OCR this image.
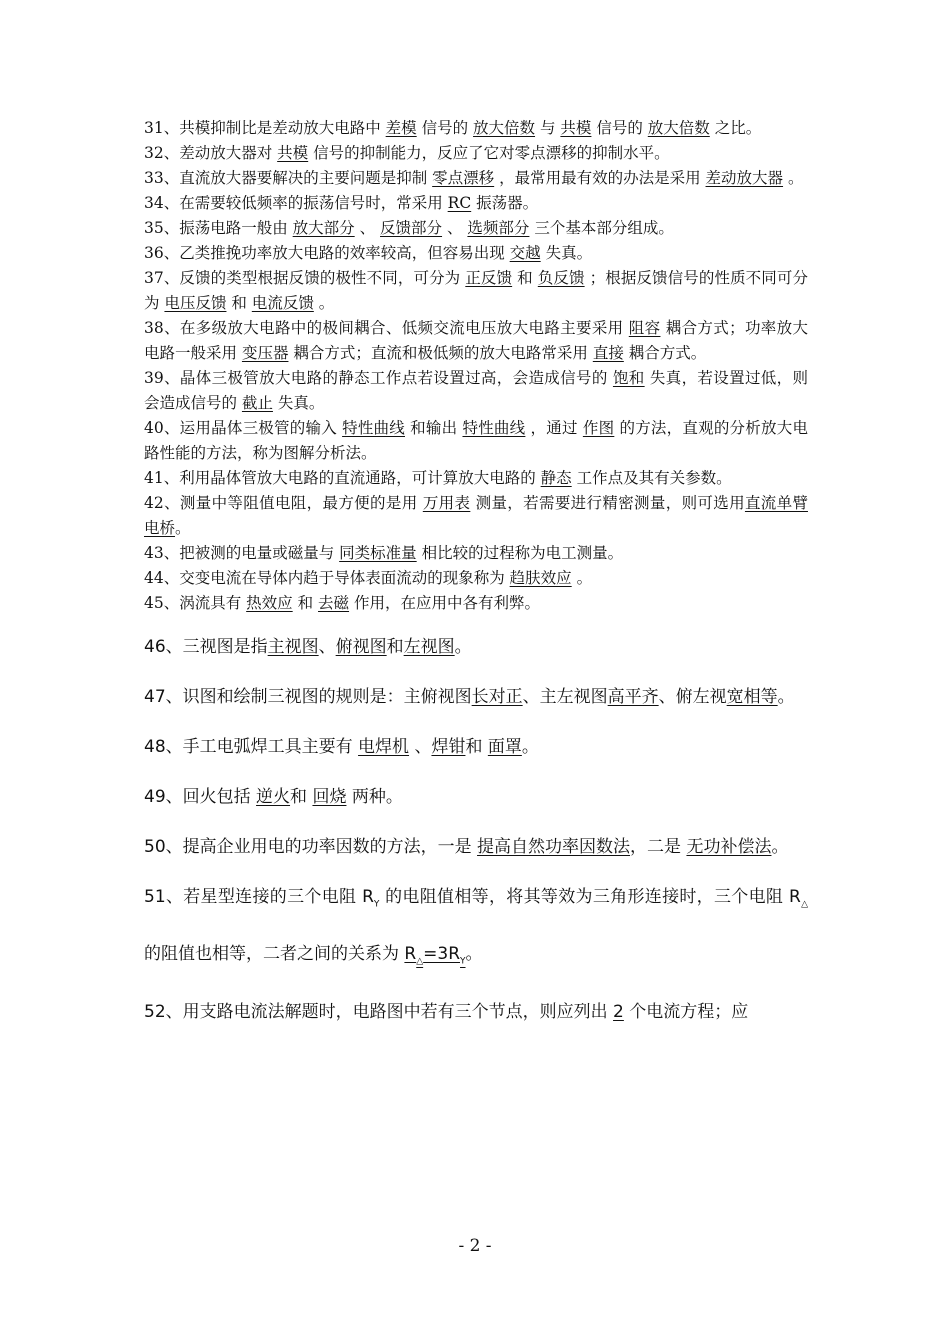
31、共模抑制比是差动放大电路中 差模 信号的 放大倍数 与 共模 信号的 放大倍数 之比。
32、差动放大器对 共模 信号的抑制能力，反应了它对零点漂移的抑制水平。
33、直流放大器要解决的主要问题是抑制 零点漂移 ，最常用最有效的办法是采用 差动放大器 。
34、在需要较低频率的振荡信号时，常采用 RC 振荡器。
35、振荡电路一般由 放大部分 、 反馈部分 、 选频部分 三个基本部分组成。
36、乙类推挽功率放大电路的效率较高，但容易出现 交越 失真。
37、反馈的类型根据反馈的极性不同，可分为 正反馈 和 负反馈 ；根据反馈信号的性质不同可分为 电压反馈 和 电流反馈 。
38、在多级放大电路中的极间耦合、低频交流电压放大电路主要采用 阻容 耦合方式；功率放大电路一般采用 变压器 耦合方式；直流和极低频的放大电路常采用 直接 耦合方式。
39、晶体三极管放大电路的静态工作点若设置过高，会造成信号的 饱和 失真，若设置过低，则会造成信号的 截止 失真。
40、运用晶体三极管的输入 特性曲线 和输出 特性曲线 ，通过 作图 的方法，直观的分析放大电路性能的方法，称为图解分析法。
41、利用晶体管放大电路的直流通路，可计算放大电路的 静态 工作点及其有关参数。
42、测量中等阻值电阻，最方便的是用 万用表 测量，若需要进行精密测量，则可选用直流单臂电桥。
43、把被测的电量或磁量与 同类标准量 相比较的过程称为电工测量。
44、交变电流在导体内趋于导体表面流动的现象称为 趋肤效应 。
45、涡流具有 热效应 和 去磁 作用，在应用中各有利弊。
46、三视图是指主视图、俯视图和左视图。
47、识图和绘制三视图的规则是：主俯视图长对正、主左视图高平齐、俯左视宽相等。
48、手工电弧焊工具主要有 电焊机 、焊钳和 面罩。
49、回火包括 逆火和 回烧 两种。
50、提高企业用电的功率因数的方法，一是 提高自然功率因数法，二是 无功补偿法。
51、若星型连接的三个电阻 $R_Y$ 的电阻值相等，将其等效为三角形连接时，三个电阻 $R_\triangle$ 的阻值也相等，二者之间的关系为 $R_\triangle=3R_Y$。
52、用支路电流法解题时，电路图中若有三个节点，则应列出 2 个电流方程；应
- 2 -
